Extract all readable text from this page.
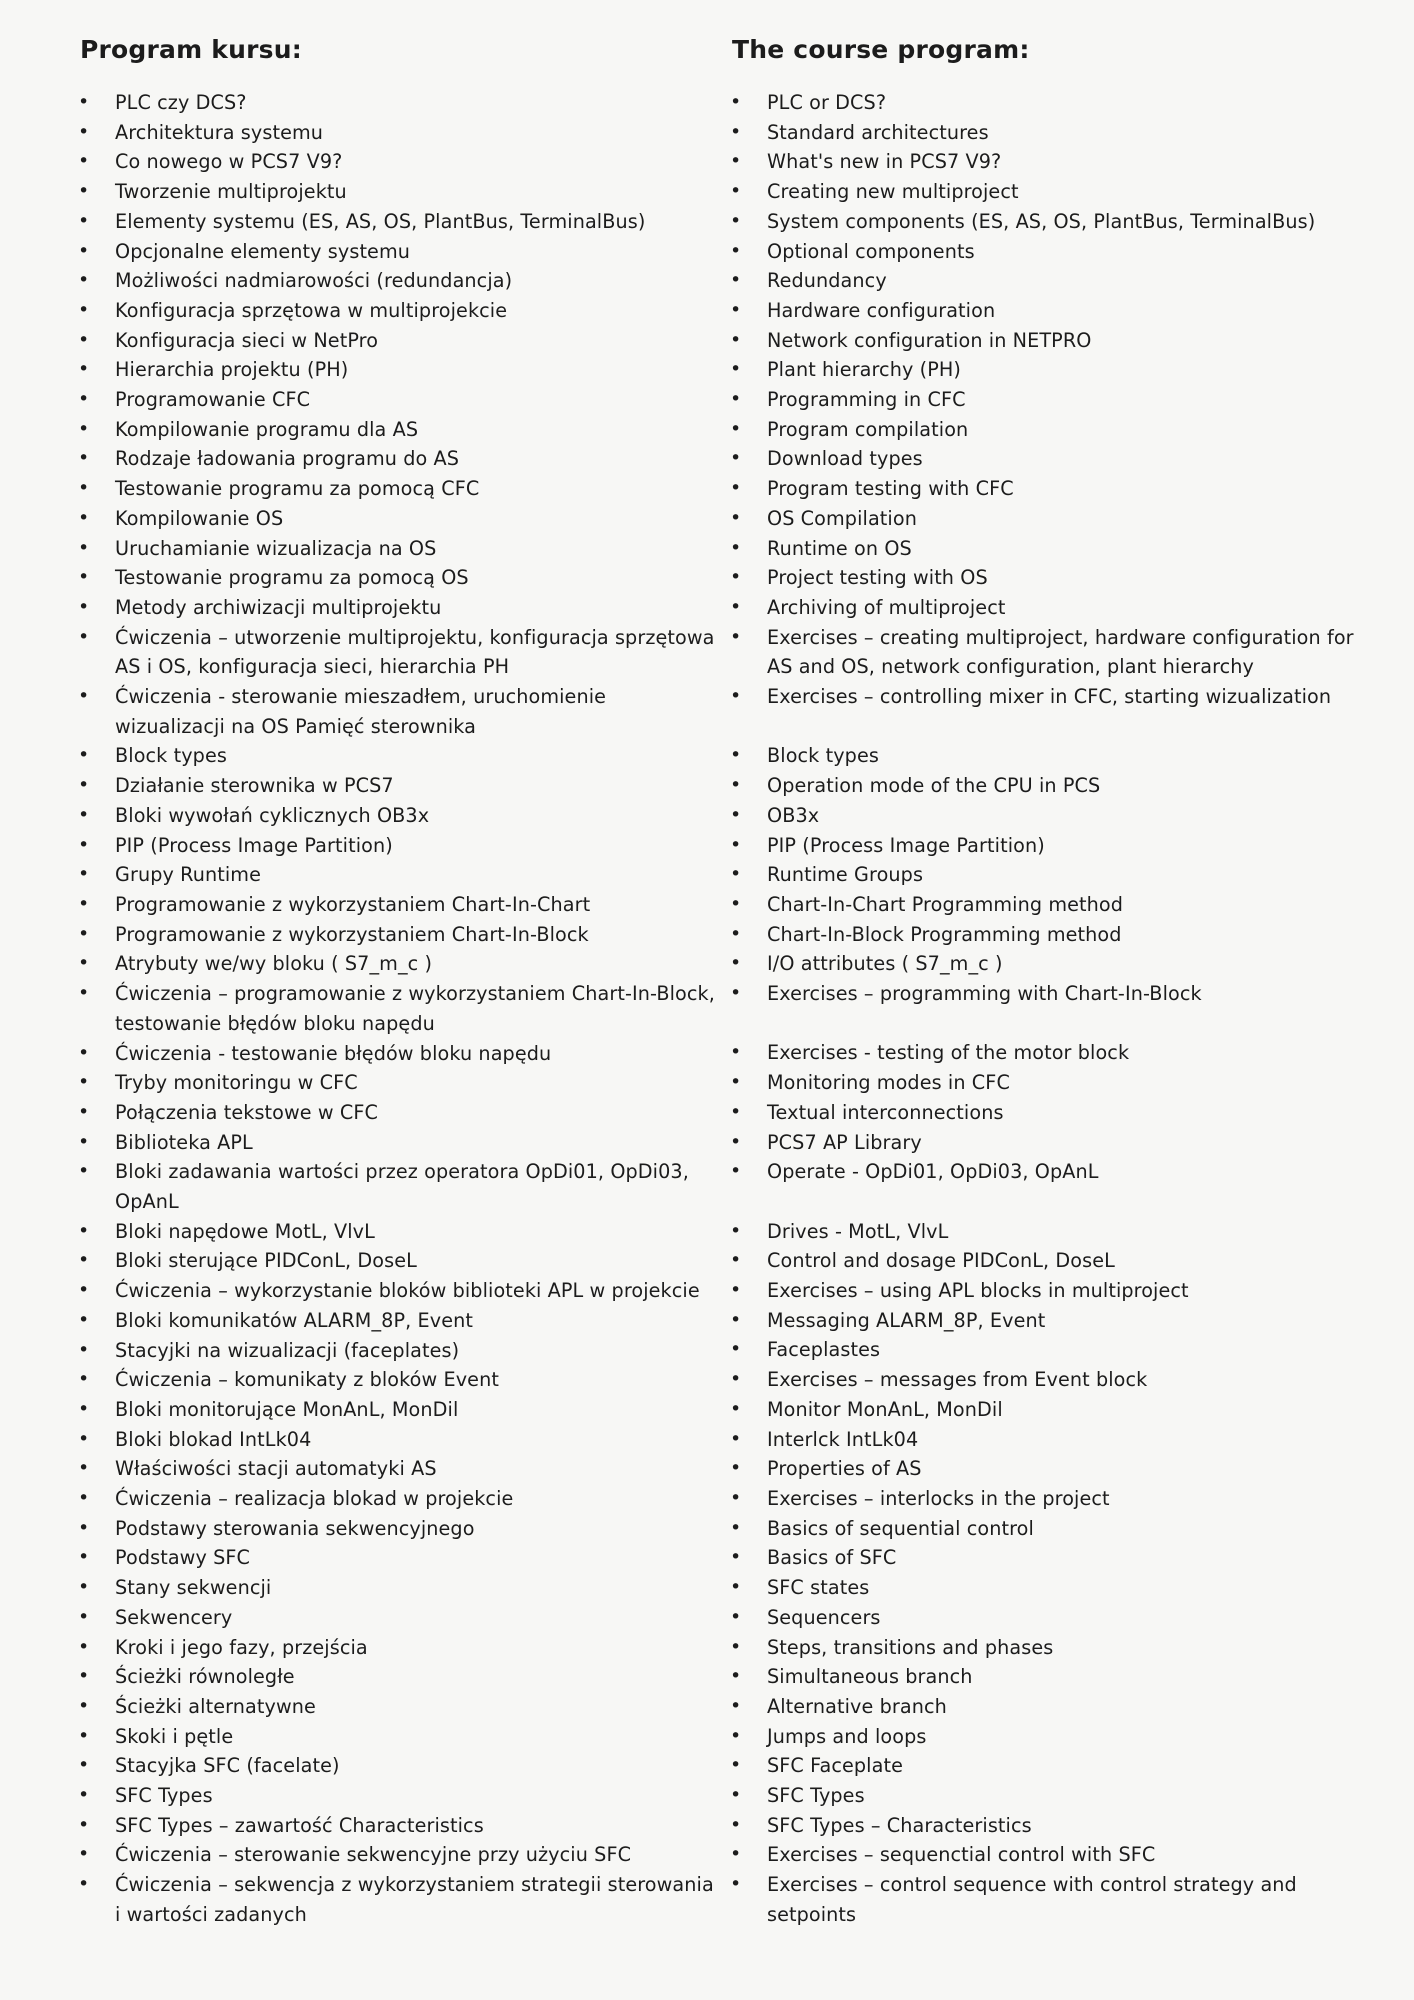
Program kursu:
• PLC czy DCS?
• Architektura systemu
• Co nowego w PCS7 V9?
• Tworzenie multiprojektu
• Elementy systemu (ES, AS, OS, PlantBus, TerminalBus)
• Opcjonalne elementy systemu
• Możliwości nadmiarowości (redundancja)
• Konfiguracja sprzętowa w multiprojekcie
• Konfiguracja sieci w NetPro
• Hierarchia projektu (PH)
• Programowanie CFC
• Kompilowanie programu dla AS
• Rodzaje ładowania programu do AS
• Testowanie programu za pomocą CFC
• Kompilowanie OS
• Uruchamianie wizualizacja na OS
• Testowanie programu za pomocą OS
• Metody archiwizacji multiprojektu
• Ćwiczenia – utworzenie multiprojektu, konfiguracja sprzętowa AS i OS, konfiguracja sieci, hierarchia PH
• Ćwiczenia - sterowanie mieszadłem, uruchomienie wizualizacji na OS Pamięć sterownika
• Block types
• Działanie sterownika w PCS7
• Bloki wywołań cyklicznych OB3x
• PIP (Process Image Partition)
• Grupy Runtime
• Programowanie z wykorzystaniem Chart-In-Chart
• Programowanie z wykorzystaniem Chart-In-Block
• Atrybuty we/wy bloku ( S7_m_c )
• Ćwiczenia – programowanie z wykorzystaniem Chart-In-Block, testowanie błędów bloku napędu
• Ćwiczenia - testowanie błędów bloku napędu
• Tryby monitoringu w CFC
• Połączenia tekstowe w CFC
• Biblioteka APL
• Bloki zadawania wartości przez operatora OpDi01, OpDi03, OpAnL
• Bloki napędowe MotL, VlvL
• Bloki sterujące PIDConL, DoseL
• Ćwiczenia – wykorzystanie bloków biblioteki APL w projekcie
• Bloki komunikatów ALARM_8P, Event
• Stacyjki na wizualizacji (faceplates)
• Ćwiczenia – komunikaty z bloków Event
• Bloki monitorujące MonAnL, MonDil
• Bloki blokad IntLk04
• Właściwości stacji automatyki AS
• Ćwiczenia – realizacja blokad w projekcie
• Podstawy sterowania sekwencyjnego
• Podstawy SFC
• Stany sekwencji
• Sekwencery
• Kroki i jego fazy, przejścia
• Ścieżki równoległe
• Ścieżki alternatywne
• Skoki i pętle
• Stacyjka SFC (facelate)
• SFC Types
• SFC Types – zawartość Characteristics
• Ćwiczenia – sterowanie sekwencyjne przy użyciu SFC
• Ćwiczenia – sekwencja z wykorzystaniem strategii sterowania i wartości zadanych
The course program:
• PLC or DCS?
• Standard architectures
• What's new in PCS7 V9?
• Creating new multiproject
• System components (ES, AS, OS, PlantBus, TerminalBus)
• Optional components
• Redundancy
• Hardware configuration
• Network configuration in NETPRO
• Plant hierarchy (PH)
• Programming in CFC
• Program compilation
• Download types
• Program testing with CFC
• OS Compilation
• Runtime on OS
• Project testing with OS
• Archiving of multiproject
• Exercises – creating multiproject, hardware configuration for AS and OS, network configuration, plant hierarchy
• Exercises – controlling mixer in CFC, starting wizualization
• Block types
• Operation mode of the CPU in PCS
• OB3x
• PIP (Process Image Partition)
• Runtime Groups
• Chart-In-Chart Programming method
• Chart-In-Block Programming method
• I/O attributes ( S7_m_c )
• Exercises – programming with Chart-In-Block
• Exercises - testing of the motor block
• Monitoring modes in CFC
• Textual interconnections
• PCS7 AP Library
• Operate - OpDi01, OpDi03, OpAnL
• Drives - MotL, VlvL
• Control and dosage PIDConL, DoseL
• Exercises – using APL blocks in multiproject
• Messaging ALARM_8P, Event
• Faceplastes
• Exercises – messages from Event block
• Monitor MonAnL, MonDil
• Interlck IntLk04
• Properties of AS
• Exercises – interlocks in the project
• Basics of sequential control
• Basics of SFC
• SFC states
• Sequencers
• Steps, transitions and phases
• Simultaneous branch
• Alternative branch
• Jumps and loops
• SFC Faceplate
• SFC Types
• SFC Types – Characteristics
• Exercises – sequenctial control with SFC
• Exercises – control sequence with control strategy and setpoints
